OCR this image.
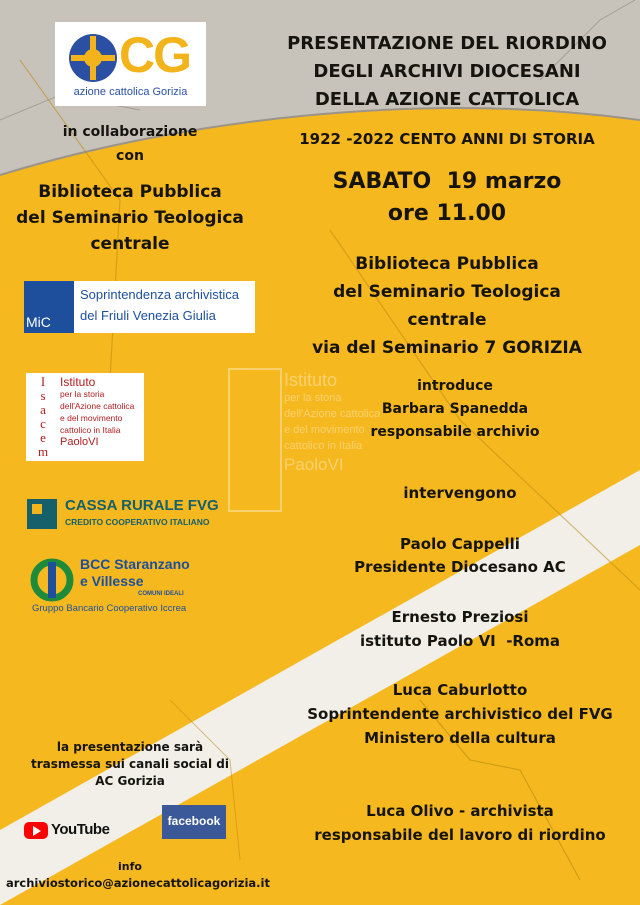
CG
azione cattolica Gorizia
in collaborazione
con
Biblioteca Pubblica
del Seminario Teologica
centrale
MiC
Soprintendenza archivistica
del Friuli Venezia Giulia
I
s
a
c
e
m
Istituto
per la storia
dell'Azione cattolica
e del movimento
cattolico in Italia
PaoloVI
Istituto
per la storia
dell'Azione cattolica
e del movimento
cattolico in Italia
PaoloVI
CASSA RURALE FVG
CREDITO COOPERATIVO ITALIANO
BCC Staranzano
e Villesse
COMUNI IDEALI
Gruppo Bancario Cooperativo Iccrea
la presentazione sarà
trasmessa sui canali social di
AC Gorizia
YouTube	facebook
info
archiviostorico@azionecattolicagorizia.it
PRESENTAZIONE DEL RIORDINO
DEGLI ARCHIVI DIOCESANI
DELLA AZIONE CATTOLICA
1922 -2022 CENTO ANNI DI STORIA
SABATO  19 marzo
ore 11.00
Biblioteca Pubblica
del Seminario Teologica
centrale
via del Seminario 7 GORIZIA
introduce
Barbara Spanedda
responsabile archivio
intervengono
Paolo Cappelli
Presidente Diocesano AC
Ernesto Preziosi
istituto Paolo VI  -Roma
Luca Caburlotto
Soprintendente archivistico del FVG
Ministero della cultura
Luca Olivo - archivista
responsabile del lavoro di riordino
